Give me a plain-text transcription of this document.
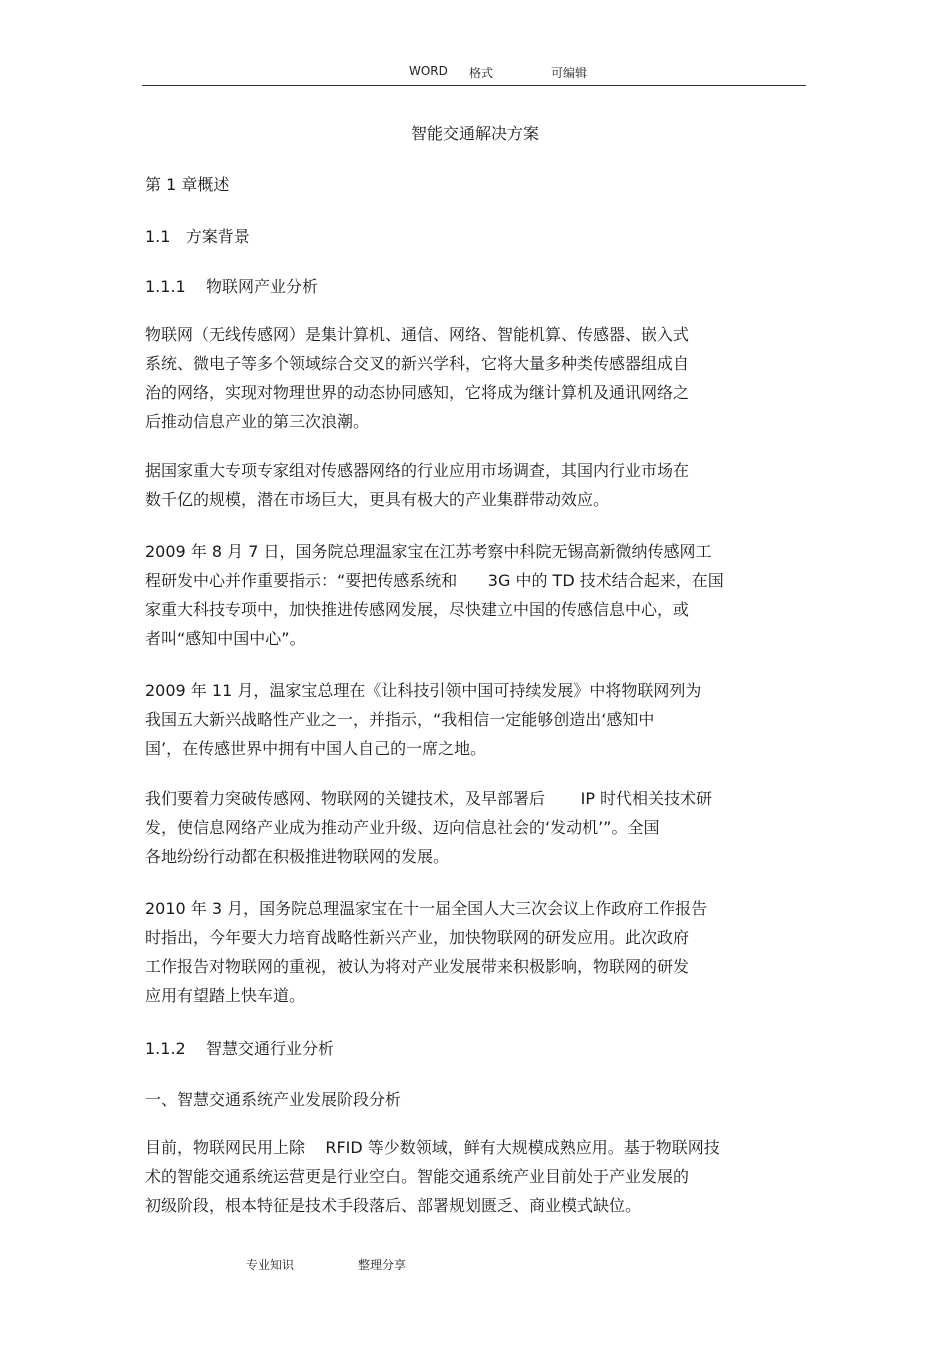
WORD 格式	可编辑
智能交通解决方案
第 1 章概述
1.1   方案背景
1.1.1    物联网产业分析
物联网（无线传感网）是集计算机、通信、网络、智能机算、传感器、嵌入式
系统、微电子等多个领域综合交叉的新兴学科，它将大量多种类传感器组成自
治的网络，实现对物理世界的动态协同感知，它将成为继计算机及通讯网络之
后推动信息产业的第三次浪潮。
据国家重大专项专家组对传感器网络的行业应用市场调查，其国内行业市场在
数千亿的规模，潜在市场巨大，更具有极大的产业集群带动效应。
2009 年 8 月 7 日，国务院总理温家宝在江苏考察中科院无锡高新微纳传感网工
程研发中心并作重要指示：“要把传感系统和      3G 中的 TD 技术结合起来，在国
家重大科技专项中，加快推进传感网发展，尽快建立中国的传感信息中心，或
者叫“感知中国中心”。
2009 年 11 月，温家宝总理在《让科技引领中国可持续发展》中将物联网列为
我国五大新兴战略性产业之一，并指示，“我相信一定能够创造出‘感知中
国’，在传感世界中拥有中国人自己的一席之地。
我们要着力突破传感网、物联网的关键技术，及早部署后       IP 时代相关技术研
发，使信息网络产业成为推动产业升级、迈向信息社会的‘发动机’”。全国
各地纷纷行动都在积极推进物联网的发展。
2010 年 3 月，国务院总理温家宝在十一届全国人大三次会议上作政府工作报告
时指出，今年要大力培育战略性新兴产业，加快物联网的研发应用。此次政府
工作报告对物联网的重视，被认为将对产业发展带来积极影响，物联网的研发
应用有望踏上快车道。
1.1.2    智慧交通行业分析
一、智慧交通系统产业发展阶段分析
目前，物联网民用上除    RFID 等少数领域，鲜有大规模成熟应用。基于物联网技
术的智能交通系统运营更是行业空白。智能交通系统产业目前处于产业发展的
初级阶段，根本特征是技术手段落后、部署规划匮乏、商业模式缺位。
专业知识	整理分享
